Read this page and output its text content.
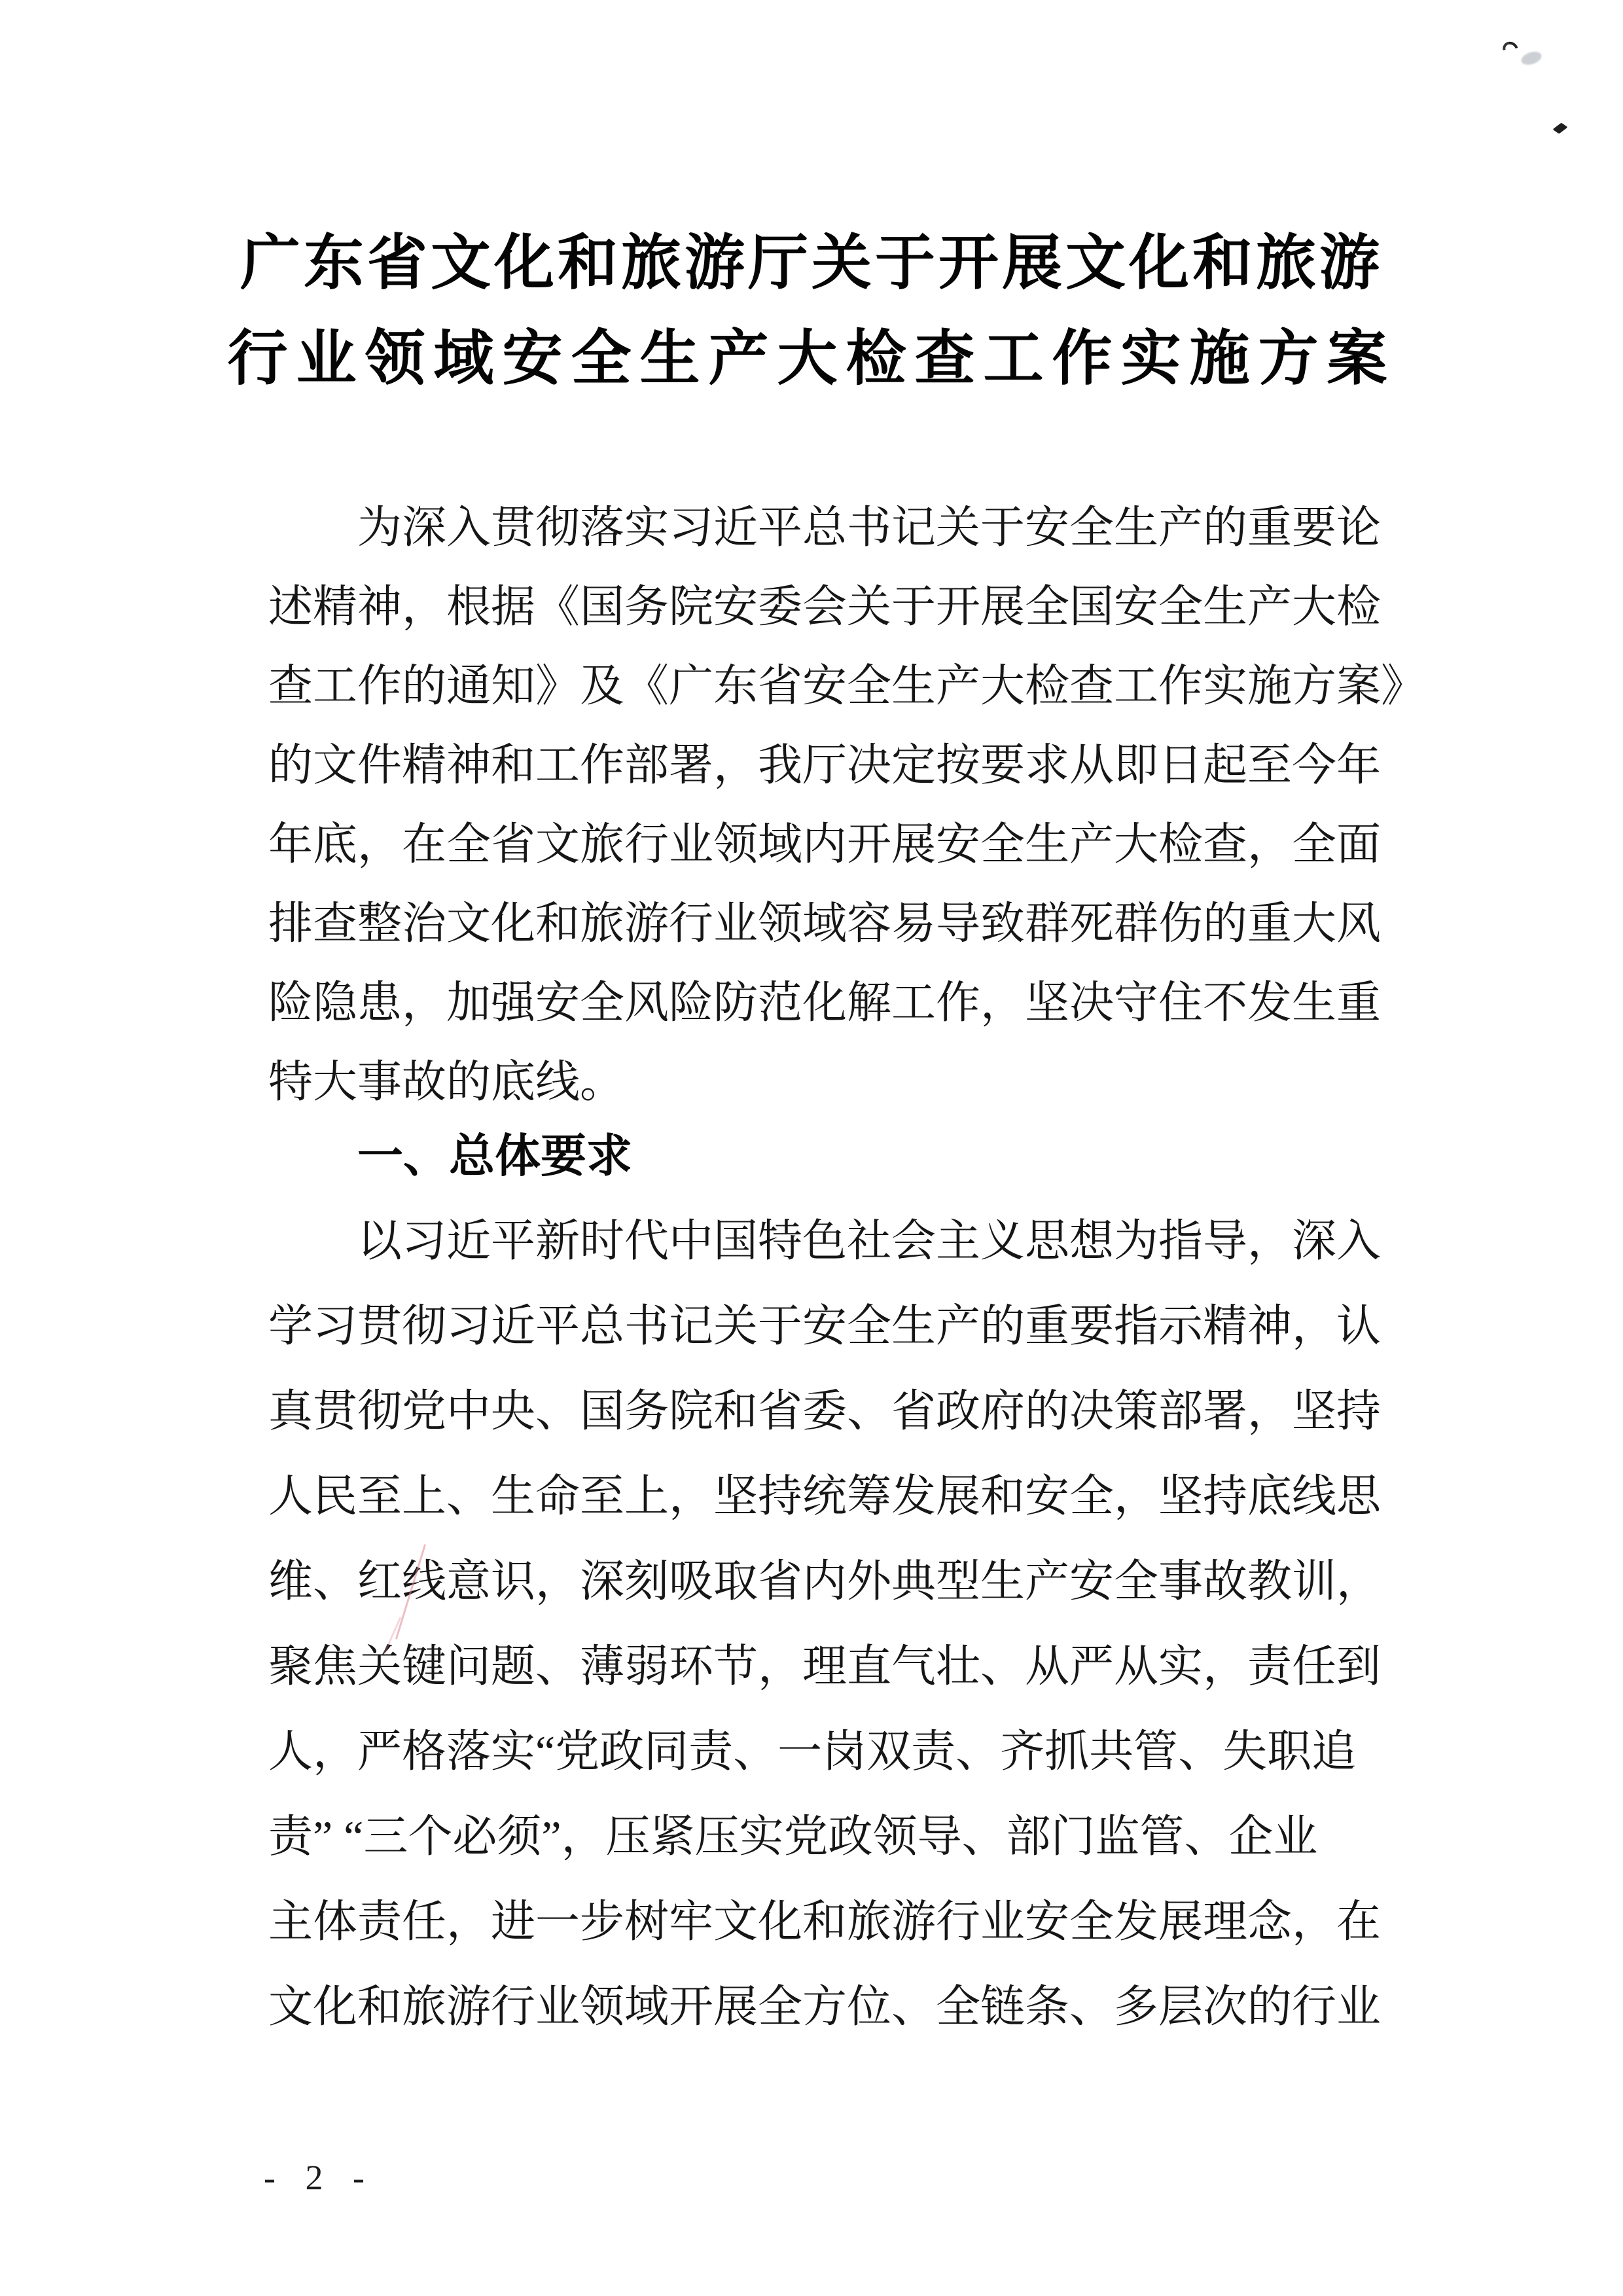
广东省文化和旅游厅关于开展文化和旅游
行业领域安全生产大检查工作实施方案
为深入贯彻落实习近平总书记关于安全生产的重要论
述精神，根据《国务院安委会关于开展全国安全生产大检
查工作的通知》及《广东省安全生产大检查工作实施方案》
的文件精神和工作部署，我厅决定按要求从即日起至今年
年底，在全省文旅行业领域内开展安全生产大检查，全面
排查整治文化和旅游行业领域容易导致群死群伤的重大风
险隐患，加强安全风险防范化解工作，坚决守住不发生重
特大事故的底线。
一、总体要求
以习近平新时代中国特色社会主义思想为指导，深入
学习贯彻习近平总书记关于安全生产的重要指示精神，认
真贯彻党中央、国务院和省委、省政府的决策部署，坚持
人民至上、生命至上，坚持统筹发展和安全，坚持底线思
维、红线意识，深刻吸取省内外典型生产安全事故教训，
聚焦关键问题、薄弱环节，理直气壮、从严从实，责任到
人，严格落实“党政同责、一岗双责、齐抓共管、失职追
责” “三个必须”，压紧压实党政领导、部门监管、企业
主体责任，进一步树牢文化和旅游行业安全发展理念，在
文化和旅游行业领域开展全方位、全链条、多层次的行业
- 2 -
